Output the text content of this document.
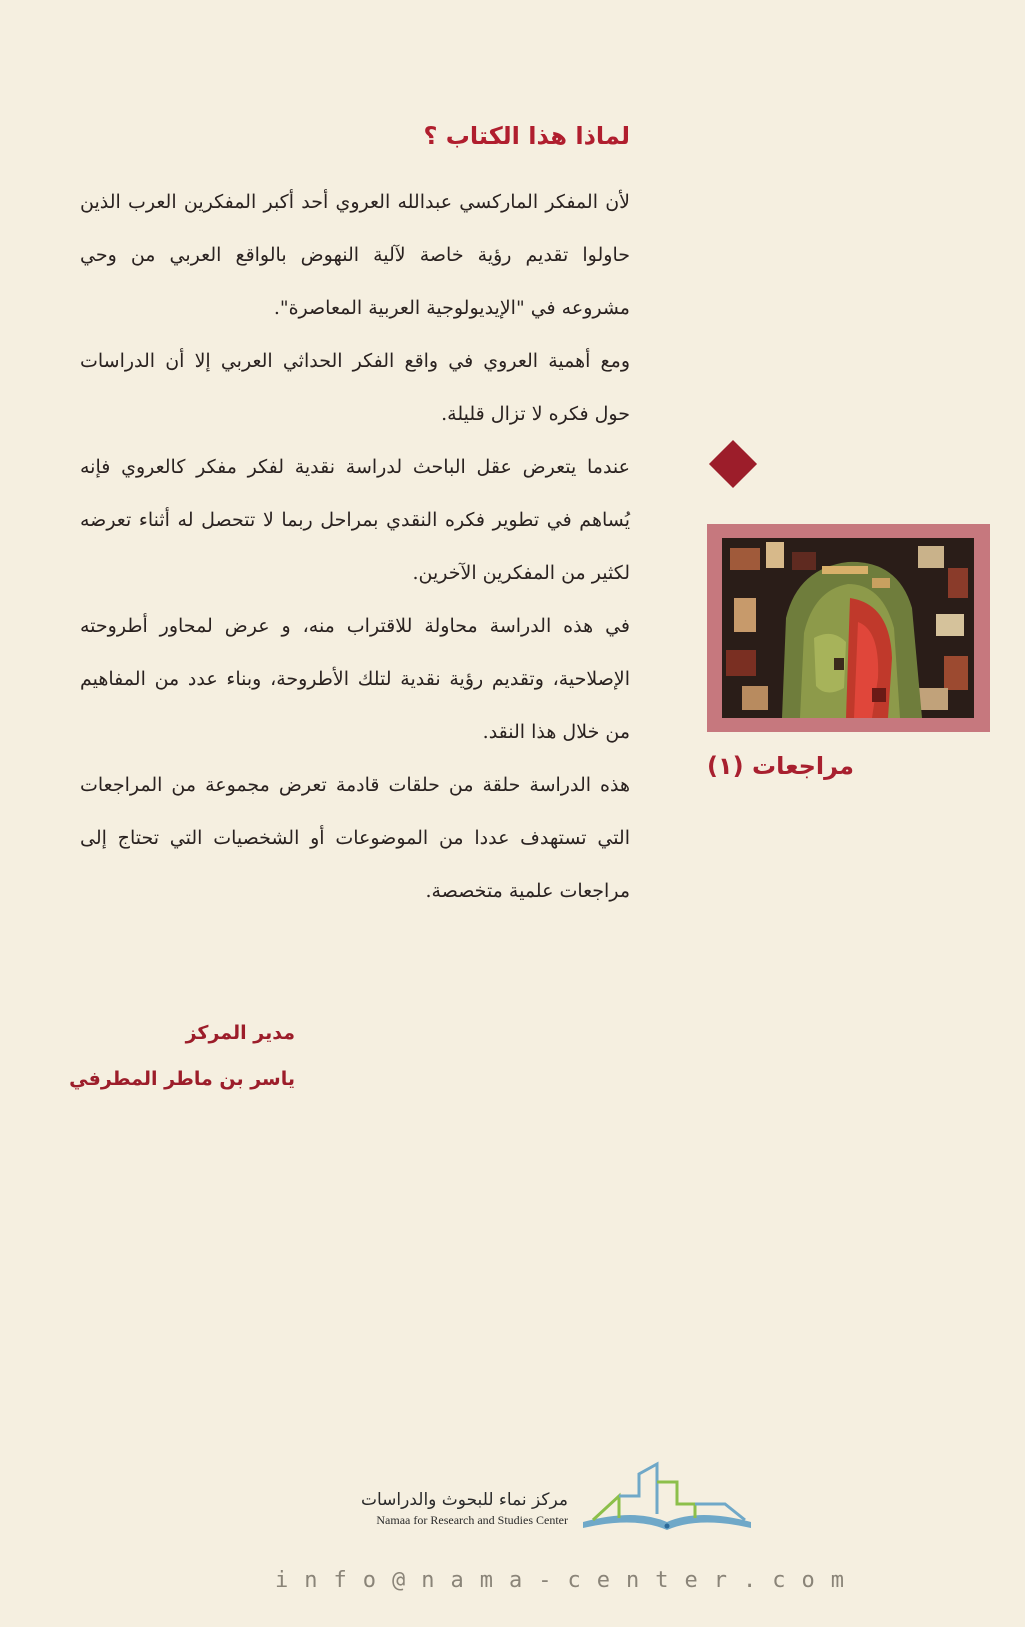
لماذا هذا الكتاب ؟

لأن المفكر الماركسي عبدالله العروي أحد أكبر المفكرين العرب الذين حاولوا تقديم رؤية خاصة لآلية النهوض بالواقع العربي من وحي مشروعه في "الإيديولوجية العربية المعاصرة".

ومع أهمية العروي في واقع الفكر الحداثي العربي إلا أن الدراسات حول فكره لا تزال قليلة.

عندما يتعرض عقل الباحث لدراسة نقدية لفكر مفكر كالعروي فإنه يُساهم في تطوير فكره النقدي بمراحل ربما لا تتحصل له أثناء تعرضه لكثير من المفكرين الآخرين.

في هذه الدراسة محاولة للاقتراب منه، و عرض لمحاور أطروحته الإصلاحية، وتقديم رؤية نقدية لتلك الأطروحة، وبناء عدد من المفاهيم من خلال هذا النقد.

هذه الدراسة حلقة من حلقات قادمة تعرض مجموعة من المراجعات التي تستهدف عددا من الموضوعات أو الشخصيات التي تحتاج إلى مراجعات علمية متخصصة.

مراجعات (١)
مدير المركز
ياسر بن ماطر المطرفي
مركز نماء للبحوث والدراسات
Namaa for Research and Studies Center
info@nama-center.com
